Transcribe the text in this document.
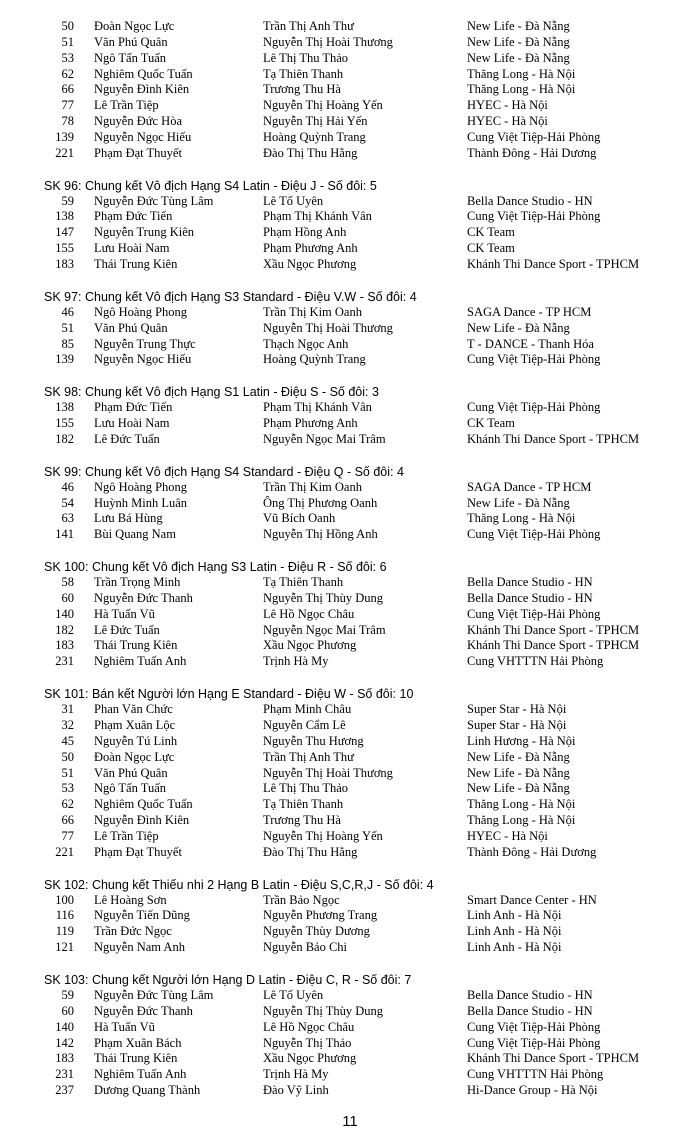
50 Đoàn Ngọc Lực	Trần Thị Anh Thư	New Life - Đà Nẵng
51 Văn Phú Quân	Nguyễn Thị Hoài Thương	New Life - Đà Nẵng
53 Ngô Tấn Tuấn	Lê Thị Thu Thảo	New Life - Đà Nẵng
62 Nghiêm Quốc Tuấn	Tạ Thiên Thanh	Thăng Long - Hà Nội
66 Nguyễn Đình Kiên	Trương Thu Hà	Thăng Long - Hà Nội
77 Lê Trần Tiệp	Nguyễn Thị Hoàng Yến	HYEC - Hà Nội
78 Nguyễn Đức Hòa	Nguyễn Thị Hải Yến	HYEC - Hà Nội
139 Nguyễn Ngọc Hiếu	Hoàng Quỳnh Trang	Cung Việt Tiệp-Hải Phòng
221 Phạm Đạt Thuyết	Đào Thị Thu Hằng	Thành Đông - Hải Dương
SK 96: Chung kết Vô địch Hạng S4 Latin - Điệu J - Số đôi: 5
59 Nguyễn Đức Tùng Lâm	Lê Tố Uyên	Bella Dance Studio - HN
138 Phạm Đức Tiến	Phạm Thị Khánh Vân	Cung Việt Tiệp-Hải Phòng
147 Nguyễn Trung Kiên	Phạm Hồng Anh	CK Team
155 Lưu Hoài Nam	Phạm Phương Anh	CK Team
183 Thái Trung Kiên	Xầu Ngọc Phương	Khánh Thi Dance Sport - TPHCM
SK 97: Chung kết Vô địch Hạng S3 Standard - Điệu V.W - Số đôi: 4
46 Ngô Hoàng Phong	Trần Thị Kim Oanh	SAGA Dance - TP HCM
51 Văn Phú Quân	Nguyễn Thị Hoài Thương	New Life - Đà Nẵng
85 Nguyễn Trung Thực	Thạch Ngọc Anh	T - DANCE - Thanh Hóa
139 Nguyễn Ngọc Hiếu	Hoàng Quỳnh Trang	Cung Việt Tiệp-Hải Phòng
SK 98: Chung kết Vô địch Hạng S1 Latin - Điệu S - Số đôi: 3
138 Phạm Đức Tiến	Phạm Thị Khánh Vân	Cung Việt Tiệp-Hải Phòng
155 Lưu Hoài Nam	Phạm Phương Anh	CK Team
182 Lê Đức Tuấn	Nguyễn Ngọc Mai Trâm	Khánh Thi Dance Sport - TPHCM
SK 99: Chung kết Vô địch Hạng S4 Standard - Điệu Q - Số đôi: 4
46 Ngô Hoàng Phong	Trần Thị Kim Oanh	SAGA Dance - TP HCM
54 Huỳnh Minh Luân	Ông Thị Phương Oanh	New Life - Đà Nẵng
63 Lưu Bá Hùng	Vũ Bích Oanh	Thăng Long - Hà Nội
141 Bùi Quang Nam	Nguyễn Thị Hồng Anh	Cung Việt Tiệp-Hải Phòng
SK 100: Chung kết Vô địch Hạng S3 Latin - Điệu R - Số đôi: 6
58 Trần Trọng Minh	Tạ Thiên Thanh	Bella Dance Studio - HN
60 Nguyễn Đức Thanh	Nguyễn Thị Thùy Dung	Bella Dance Studio - HN
140 Hà Tuấn Vũ	Lê Hồ Ngọc Châu	Cung Việt Tiệp-Hải Phòng
182 Lê Đức Tuấn	Nguyễn Ngọc Mai Trâm	Khánh Thi Dance Sport - TPHCM
183 Thái Trung Kiên	Xầu Ngọc Phương	Khánh Thi Dance Sport - TPHCM
231 Nghiêm Tuấn Anh	Trịnh Hà My	Cung VHTTTN Hải Phòng
SK 101: Bán kết Người lớn Hạng E Standard - Điệu W - Số đôi: 10
31 Phan Văn Chức	Phạm Minh Châu	Super Star - Hà Nội
32 Phạm Xuân Lộc	Nguyễn Cẩm Lê	Super Star - Hà Nội
45 Nguyễn Tú Linh	Nguyễn Thu Hương	Linh Hương - Hà Nội
50 Đoàn Ngọc Lực	Trần Thị Anh Thư	New Life - Đà Nẵng
51 Văn Phú Quân	Nguyễn Thị Hoài Thương	New Life - Đà Nẵng
53 Ngô Tấn Tuấn	Lê Thị Thu Thảo	New Life - Đà Nẵng
62 Nghiêm Quốc Tuấn	Tạ Thiên Thanh	Thăng Long - Hà Nội
66 Nguyễn Đình Kiên	Trương Thu Hà	Thăng Long - Hà Nội
77 Lê Trần Tiệp	Nguyễn Thị Hoàng Yến	HYEC - Hà Nội
221 Phạm Đạt Thuyết	Đào Thị Thu Hằng	Thành Đông - Hải Dương
SK 102: Chung kết Thiếu nhi 2 Hạng B Latin - Điệu S,C,R,J - Số đôi: 4
100 Lê Hoàng Sơn	Trần Bảo Ngọc	Smart Dance Center - HN
116 Nguyễn Tiến Dũng	Nguyễn Phương Trang	Linh Anh - Hà Nội
119 Trần Đức Ngọc	Nguyễn Thùy Dương	Linh Anh - Hà Nội
121 Nguyễn Nam Anh	Nguyễn Bảo Chi	Linh Anh - Hà Nội
SK 103: Chung kết Người lớn Hạng D Latin - Điệu C, R - Số đôi: 7
59 Nguyễn Đức Tùng Lâm	Lê Tố Uyên	Bella Dance Studio - HN
60 Nguyễn Đức Thanh	Nguyễn Thị Thùy Dung	Bella Dance Studio - HN
140 Hà Tuấn Vũ	Lê Hồ Ngọc Châu	Cung Việt Tiệp-Hải Phòng
142 Phạm Xuân Bách	Nguyễn Thị Thảo	Cung Việt Tiệp-Hải Phòng
183 Thái Trung Kiên	Xầu Ngọc Phương	Khánh Thi Dance Sport - TPHCM
231 Nghiêm Tuấn Anh	Trịnh Hà My	Cung VHTTTN Hải Phòng
237 Dương Quang Thành	Đào Vỹ Linh	Hi-Dance Group - Hà Nội
11
